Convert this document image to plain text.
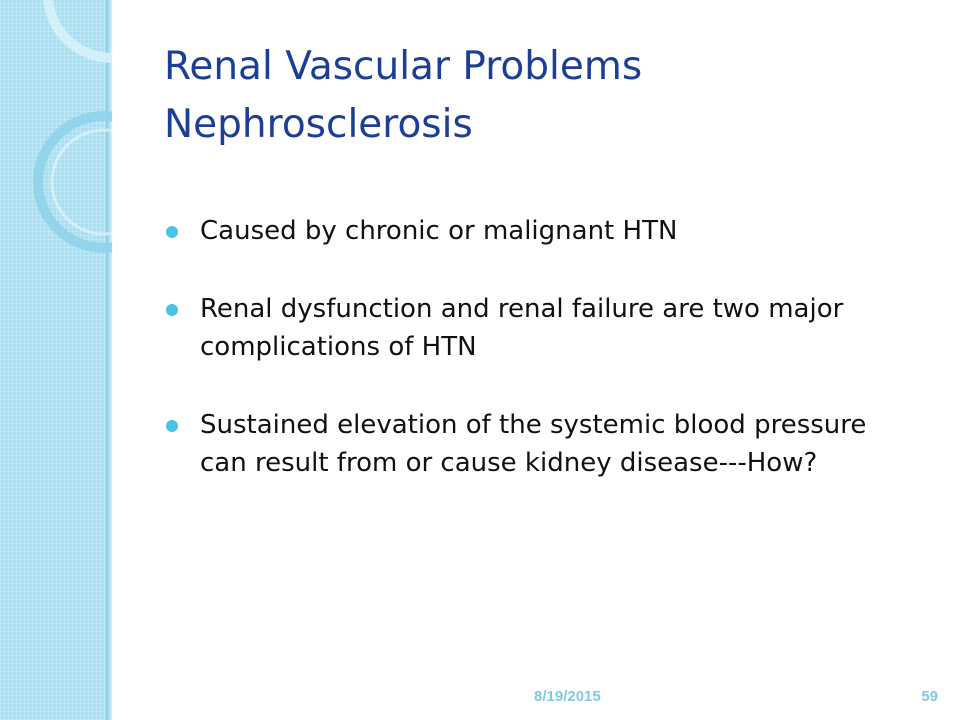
Renal Vascular Problems
Nephrosclerosis
Caused by chronic or malignant HTN
Renal dysfunction and renal failure are two major complications of HTN
Sustained elevation of the systemic blood pressure can result from or cause kidney disease---How?
8/19/2015	59
